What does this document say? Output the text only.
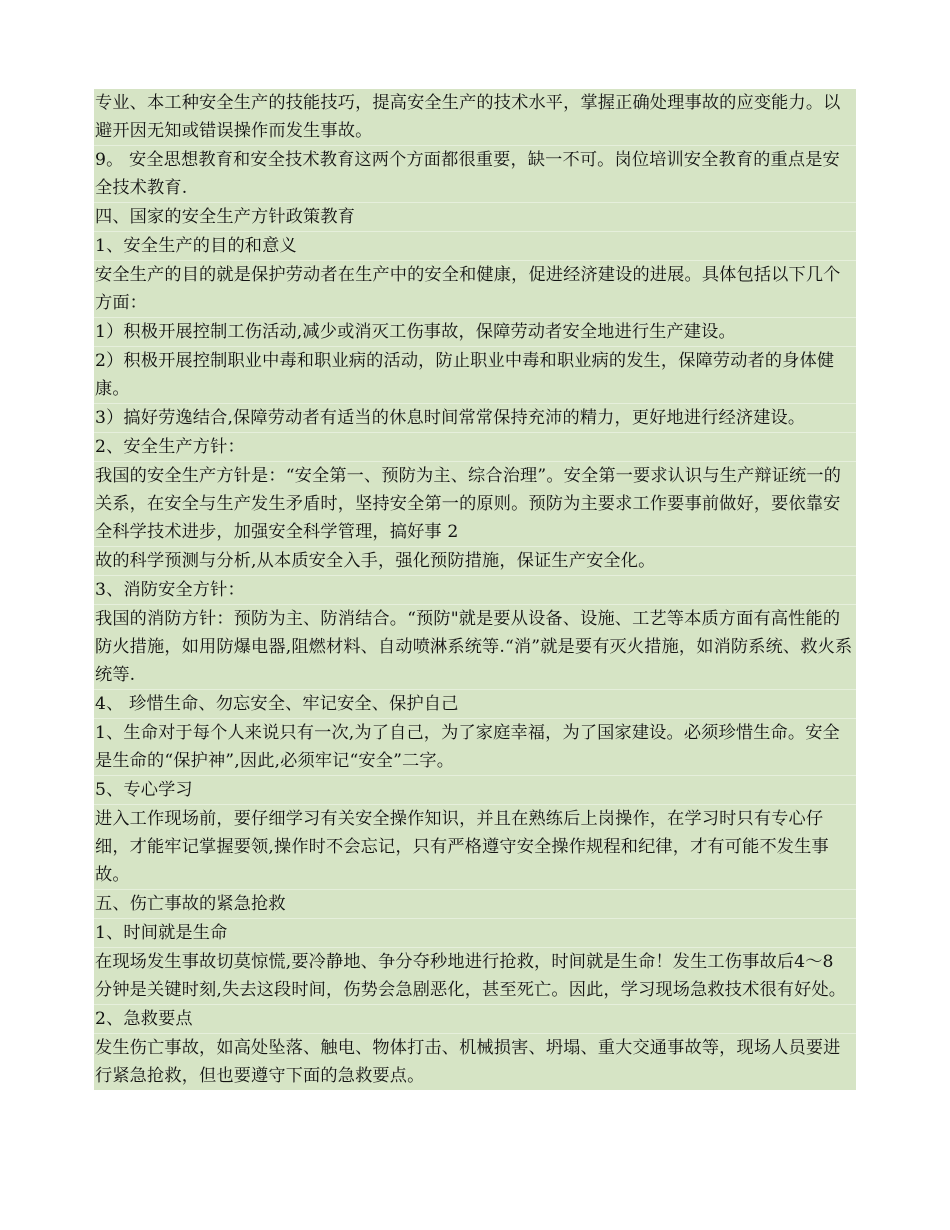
专业、本工种安全生产的技能技巧，提高安全生产的技术水平，掌握正确处理事故的应变能力。以避开因无知或错误操作而发生事故。
9。 安全思想教育和安全技术教育这两个方面都很重要，缺一不可。岗位培训安全教育的重点是安全技术教育.
四、国家的安全生产方针政策教育
1、安全生产的目的和意义
安全生产的目的就是保护劳动者在生产中的安全和健康，促进经济建设的进展。具体包括以下几个方面：
1）积极开展控制工伤活动,减少或消灭工伤事故，保障劳动者安全地进行生产建设。
2）积极开展控制职业中毒和职业病的活动，防止职业中毒和职业病的发生，保障劳动者的身体健康。
3）搞好劳逸结合,保障劳动者有适当的休息时间常常保持充沛的精力，更好地进行经济建设。
2、安全生产方针：
我国的安全生产方针是：“安全第一、预防为主、综合治理”。安全第一要求认识与生产辩证统一的关系，在安全与生产发生矛盾时，坚持安全第一的原则。预防为主要求工作要事前做好，要依靠安全科学技术进步，加强安全科学管理，搞好事 2
故的科学预测与分析,从本质安全入手，强化预防措施，保证生产安全化。
3、消防安全方针：
我国的消防方针：预防为主、防消结合。“预防"就是要从设备、设施、工艺等本质方面有高性能的防火措施，如用防爆电器,阻燃材料、自动喷淋系统等.“消”就是要有灭火措施，如消防系统、救火系统等.
4、 珍惜生命、勿忘安全、牢记安全、保护自己
1、生命对于每个人来说只有一次,为了自己，为了家庭幸福，为了国家建设。必须珍惜生命。安全是生命的“保护神”,因此,必须牢记“安全”二字。
5、专心学习
进入工作现场前，要仔细学习有关安全操作知识，并且在熟练后上岗操作，在学习时只有专心仔细，才能牢记掌握要领,操作时不会忘记，只有严格遵守安全操作规程和纪律，才有可能不发生事故。
五、伤亡事故的紧急抢救
1、时间就是生命
在现场发生事故切莫惊慌,要冷静地、争分夺秒地进行抢救，时间就是生命！发生工伤事故后4～8 分钟是关键时刻,失去这段时间，伤势会急剧恶化，甚至死亡。因此，学习现场急救技术很有好处。
2、急救要点
发生伤亡事故，如高处坠落、触电、物体打击、机械损害、坍塌、重大交通事故等，现场人员要进行紧急抢救，但也要遵守下面的急救要点。
